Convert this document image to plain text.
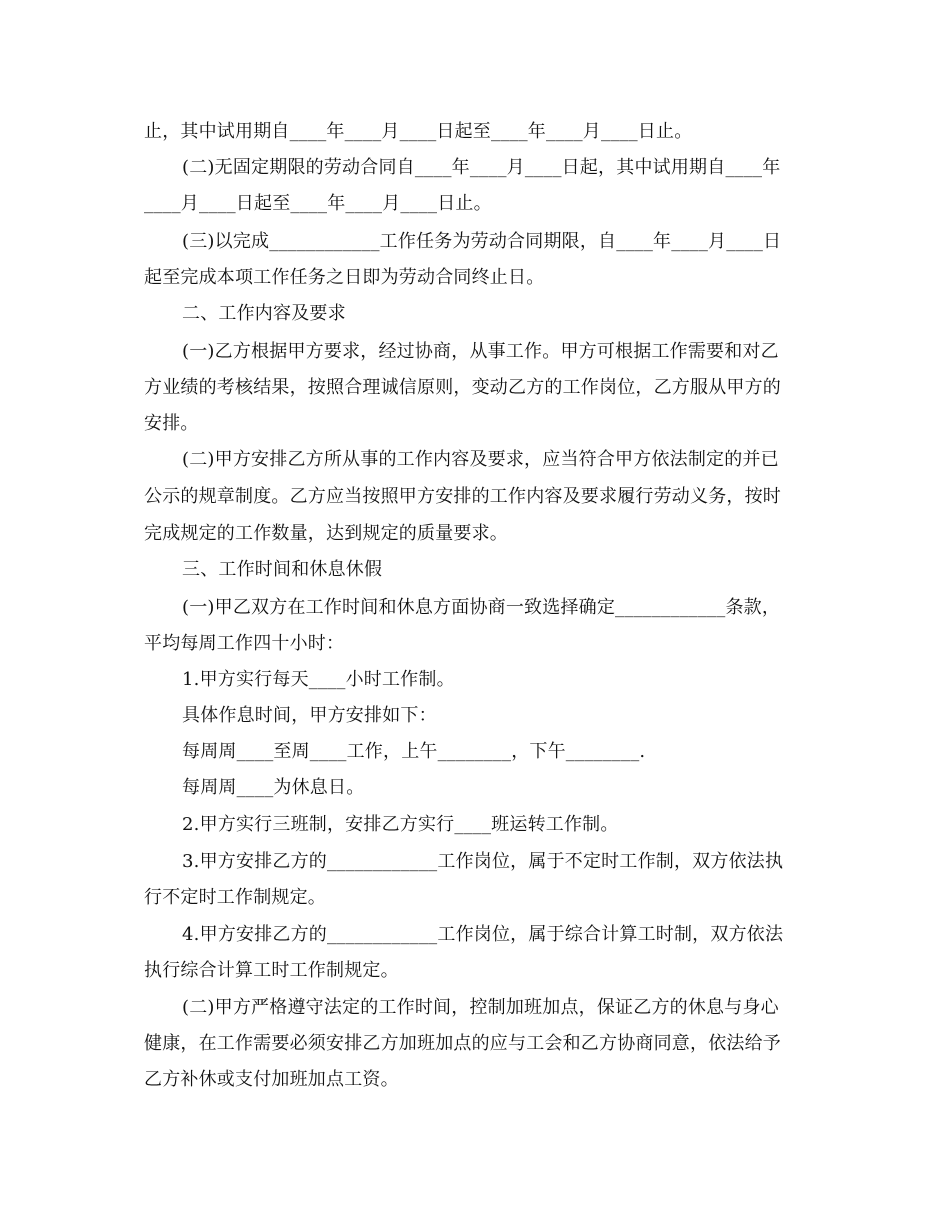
止，其中试用期自____年____月____日起至____年____月____日止。
(二)无固定期限的劳动合同自____年____月____日起，其中试用期自____年
____月____日起至____年____月____日止。
(三)以完成____________工作任务为劳动合同期限，自____年____月____日
起至完成本项工作任务之日即为劳动合同终止日。
二、工作内容及要求
(一)乙方根据甲方要求，经过协商，从事工作。甲方可根据工作需要和对乙
方业绩的考核结果，按照合理诚信原则，变动乙方的工作岗位，乙方服从甲方的
安排。
(二)甲方安排乙方所从事的工作内容及要求，应当符合甲方依法制定的并已
公示的规章制度。乙方应当按照甲方安排的工作内容及要求履行劳动义务，按时
完成规定的工作数量，达到规定的质量要求。
三、工作时间和休息休假
(一)甲乙双方在工作时间和休息方面协商一致选择确定____________条款，
平均每周工作四十小时：
1.甲方实行每天____小时工作制。
具体作息时间，甲方安排如下：
每周周____至周____工作，上午________，下午________.
每周周____为休息日。
2.甲方实行三班制，安排乙方实行____班运转工作制。
3.甲方安排乙方的____________工作岗位，属于不定时工作制，双方依法执
行不定时工作制规定。
4.甲方安排乙方的____________工作岗位，属于综合计算工时制，双方依法
执行综合计算工时工作制规定。
(二)甲方严格遵守法定的工作时间，控制加班加点，保证乙方的休息与身心
健康，在工作需要必须安排乙方加班加点的应与工会和乙方协商同意，依法给予
乙方补休或支付加班加点工资。
